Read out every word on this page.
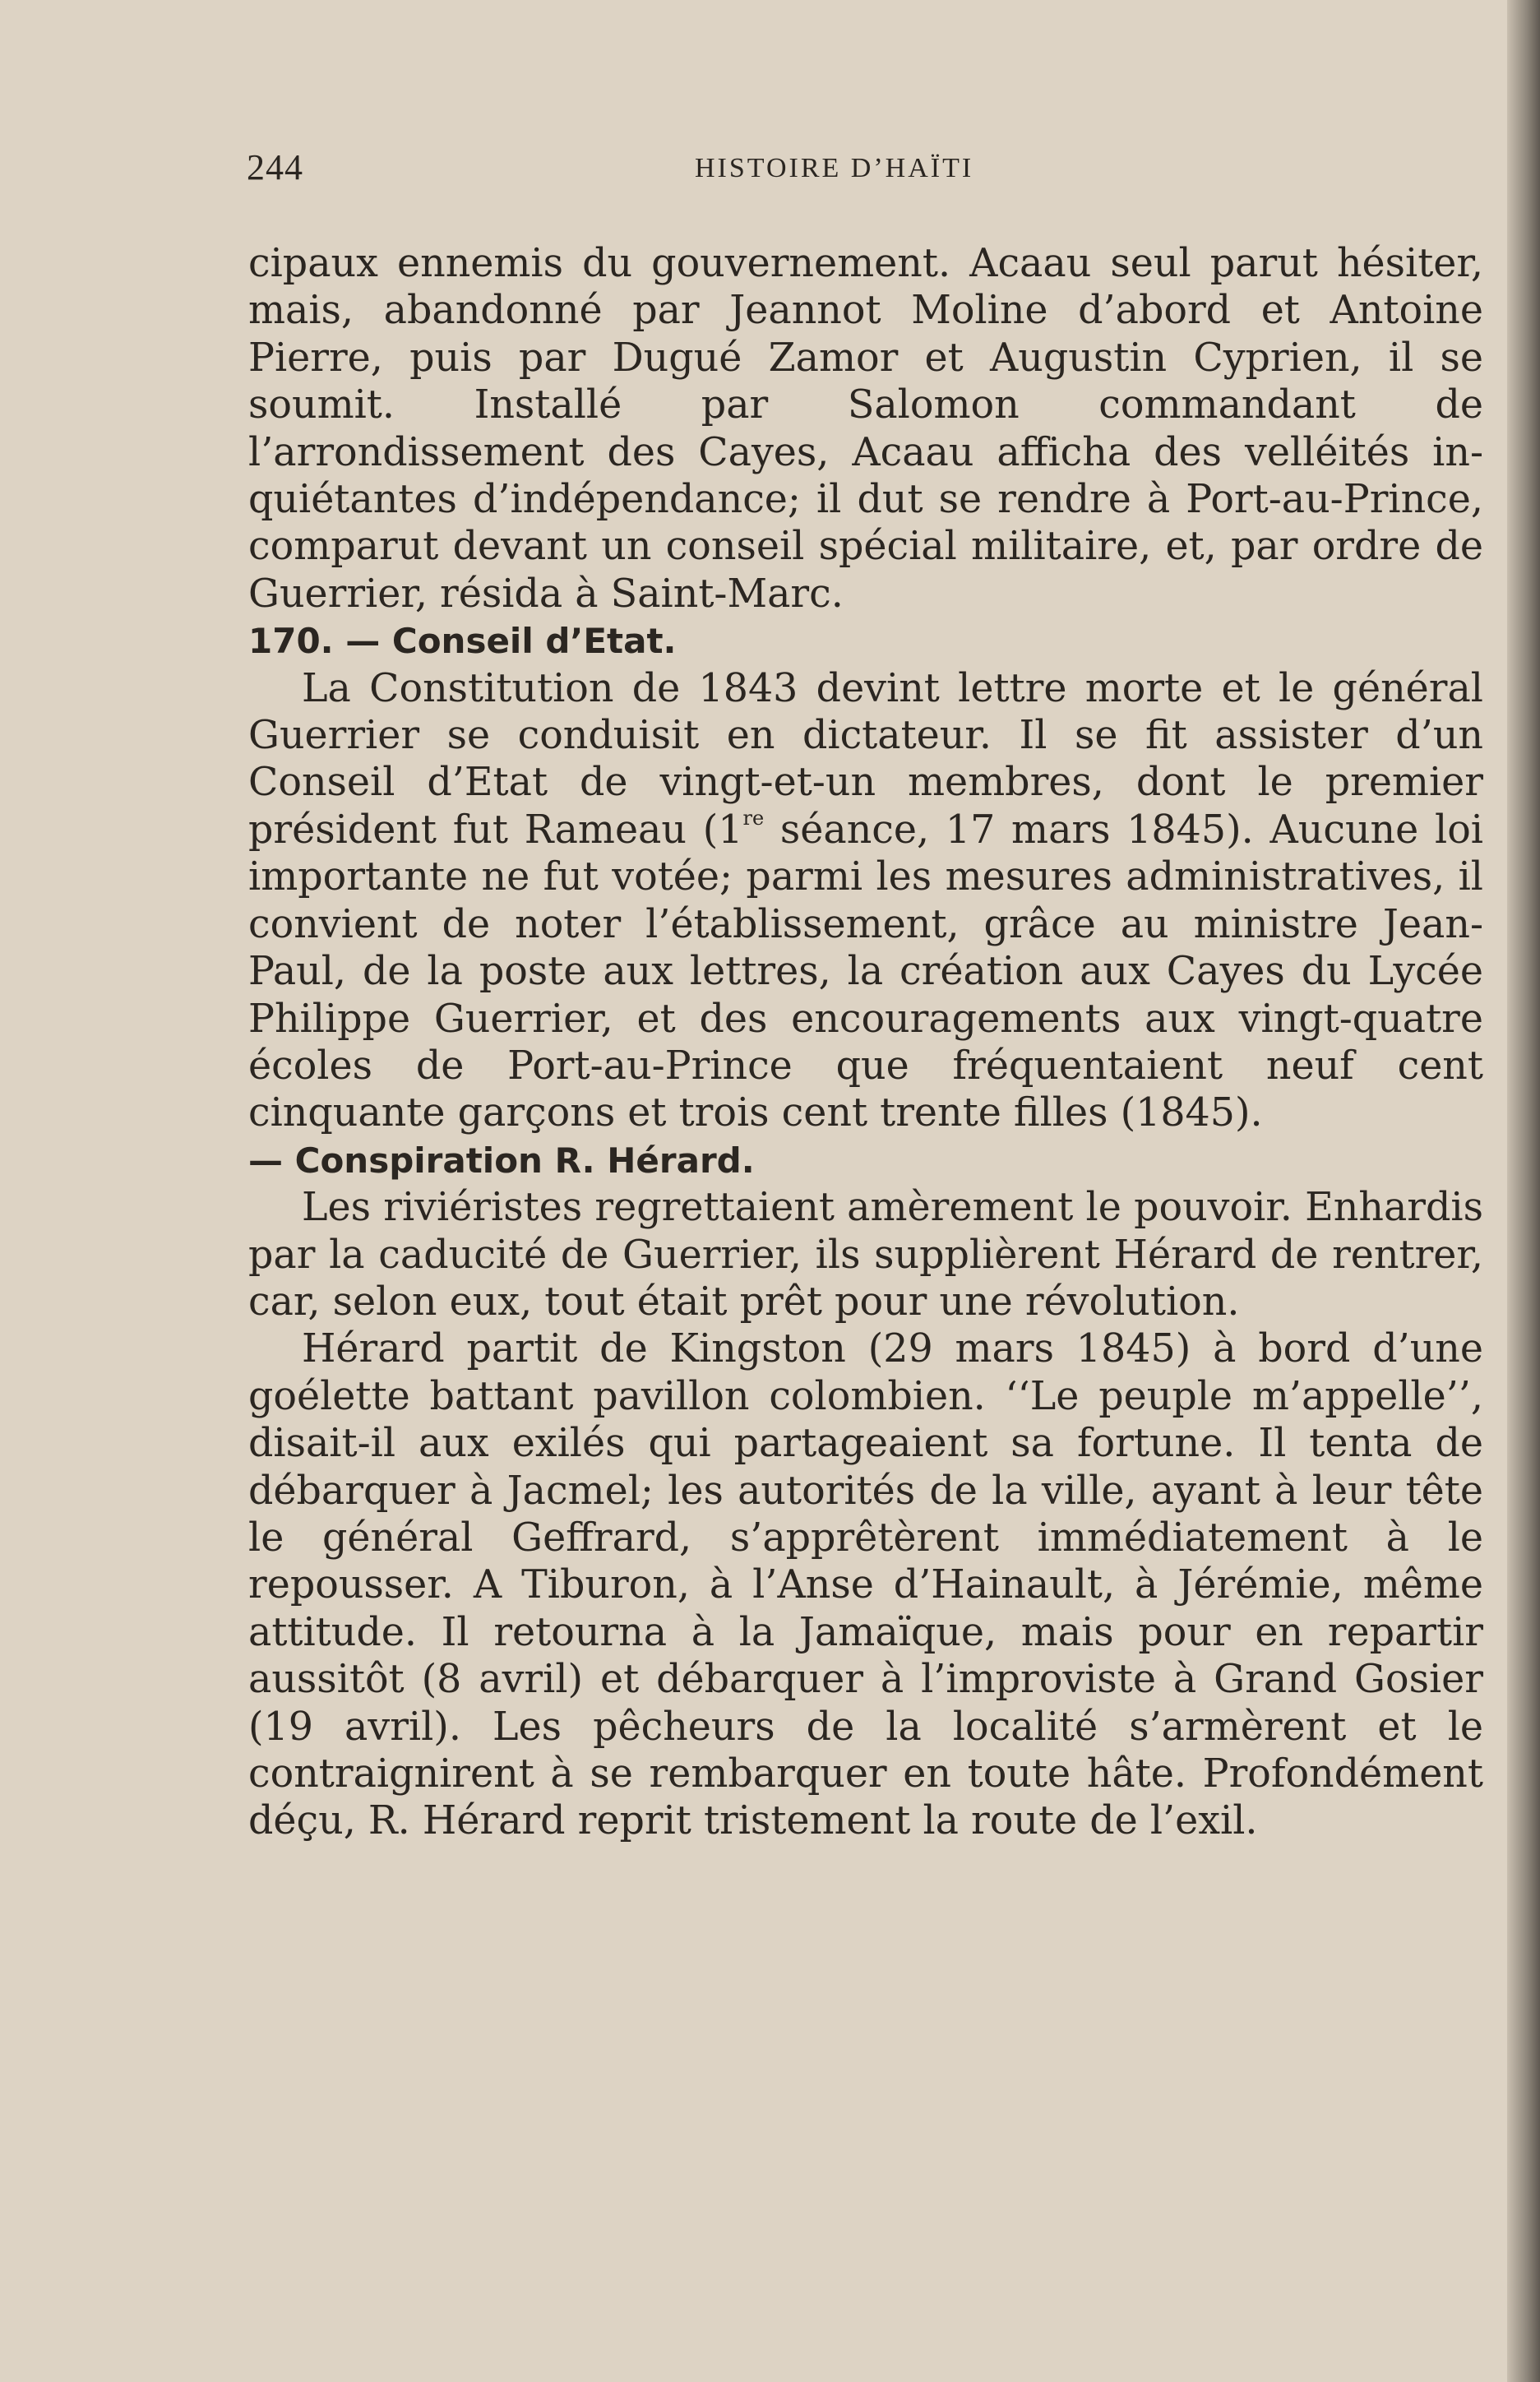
244	HISTOIRE D’HAÏTI

cipaux ennemis du gouvernement. Acaau seul parut hésiter, mais, abandonné par Jeannot Moline d’abord et Antoine Pierre, puis par Dugué Zamor et Augustin Cyprien, il se soumit. Installé par Salomon commandant de l’arrondissement des Cayes, Acaau afficha des velléités inquiétantes d’indépendance; il dut se rendre à Port-au-Prince, comparut devant un conseil spécial militaire, et, par ordre de Guerrier, résida à Saint-Marc.

170. — Conseil d’Etat.

La Constitution de 1843 devint lettre morte et le général Guerrier se conduisit en dictateur. Il se fit assister d’un Conseil d’Etat de vingt-et-un membres, dont le premier président fut Rameau (1re séance, 17 mars 1845). Aucune loi importante ne fut votée; parmi les mesures administratives, il convient de noter l’établissement, grâce au ministre Jean-Paul, de la poste aux lettres, la création aux Cayes du Lycée Philippe Guerrier, et des encouragements aux vingt-quatre écoles de Port-au-Prince que fréquentaient neuf cent cinquante garçons et trois cent trente filles (1845).

— Conspiration R. Hérard.

Les riviéristes regrettaient amèrement le pouvoir. Enhardis par la caducité de Guerrier, ils supplièrent Hérard de rentrer, car, selon eux, tout était prêt pour une révolution.

Hérard partit de Kingston (29 mars 1845) à bord d’une goélette battant pavillon colombien. ‘‘Le peuple m’appelle’’, disait-il aux exilés qui partageaient sa fortune. Il tenta de débarquer à Jacmel; les autorités de la ville, ayant à leur tête le général Geffrard, s’apprêtèrent immédiatement à le repousser. A Tiburon, à l’Anse d’Hainault, à Jérémie, même attitude. Il retourna à la Jamaïque, mais pour en repartir aussitôt (8 avril) et débarquer à l’improviste à Grand Gosier (19 avril). Les pêcheurs de la localité s’armèrent et le contraignirent à se rembarquer en toute hâte. Profondément déçu, R. Hérard reprit tristement la route de l’exil.
